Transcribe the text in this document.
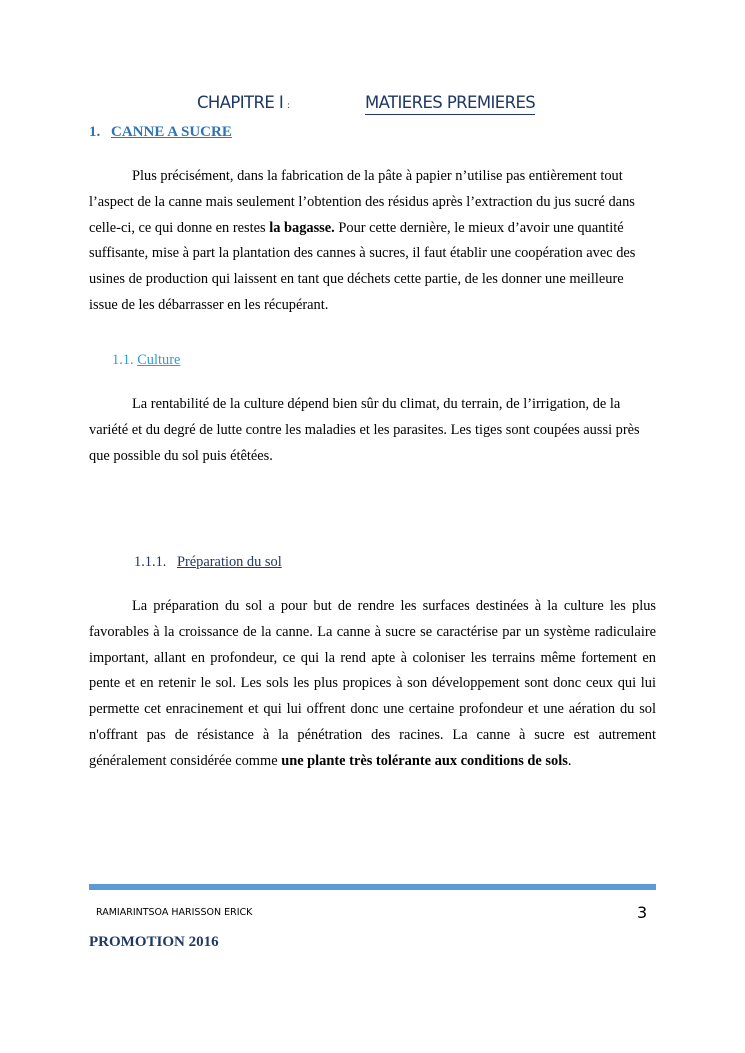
CHAPITRE I :	MATIERES PREMIERES
1. CANNE A SUCRE

Plus précisément, dans la fabrication de la pâte à papier n’utilise pas entièrement tout l’aspect de la canne mais seulement l’obtention des résidus après l’extraction du jus sucré dans celle-ci, ce qui donne en restes la bagasse. Pour cette dernière, le mieux d’avoir une quantité suffisante, mise à part la plantation des cannes à sucres, il faut établir une coopération avec des usines de production qui laissent en tant que déchets cette partie, de les donner une meilleure issue de les débarrasser en les récupérant.

1.1. Culture

La rentabilité de la culture dépend bien sûr du climat, du terrain, de l’irrigation, de la variété et du degré de lutte contre les maladies et les parasites. Les tiges sont coupées aussi près que possible du sol puis étêtées.

1.1.1. Préparation du sol

La préparation du sol a pour but de rendre les surfaces destinées à la culture les plus favorables à la croissance de la canne. La canne à sucre se caractérise par un système radiculaire important, allant en profondeur, ce qui la rend apte à coloniser les terrains même fortement en pente et en retenir le sol. Les sols les plus propices à son développement sont donc ceux qui lui permette cet enracinement et qui lui offrent donc une certaine profondeur et une aération du sol n'offrant pas de résistance à la pénétration des racines. La canne à sucre est autrement généralement considérée comme une plante très tolérante aux conditions de sols.

RAMIARINTSOA HARISSON ERICK	3
PROMOTION 2016
